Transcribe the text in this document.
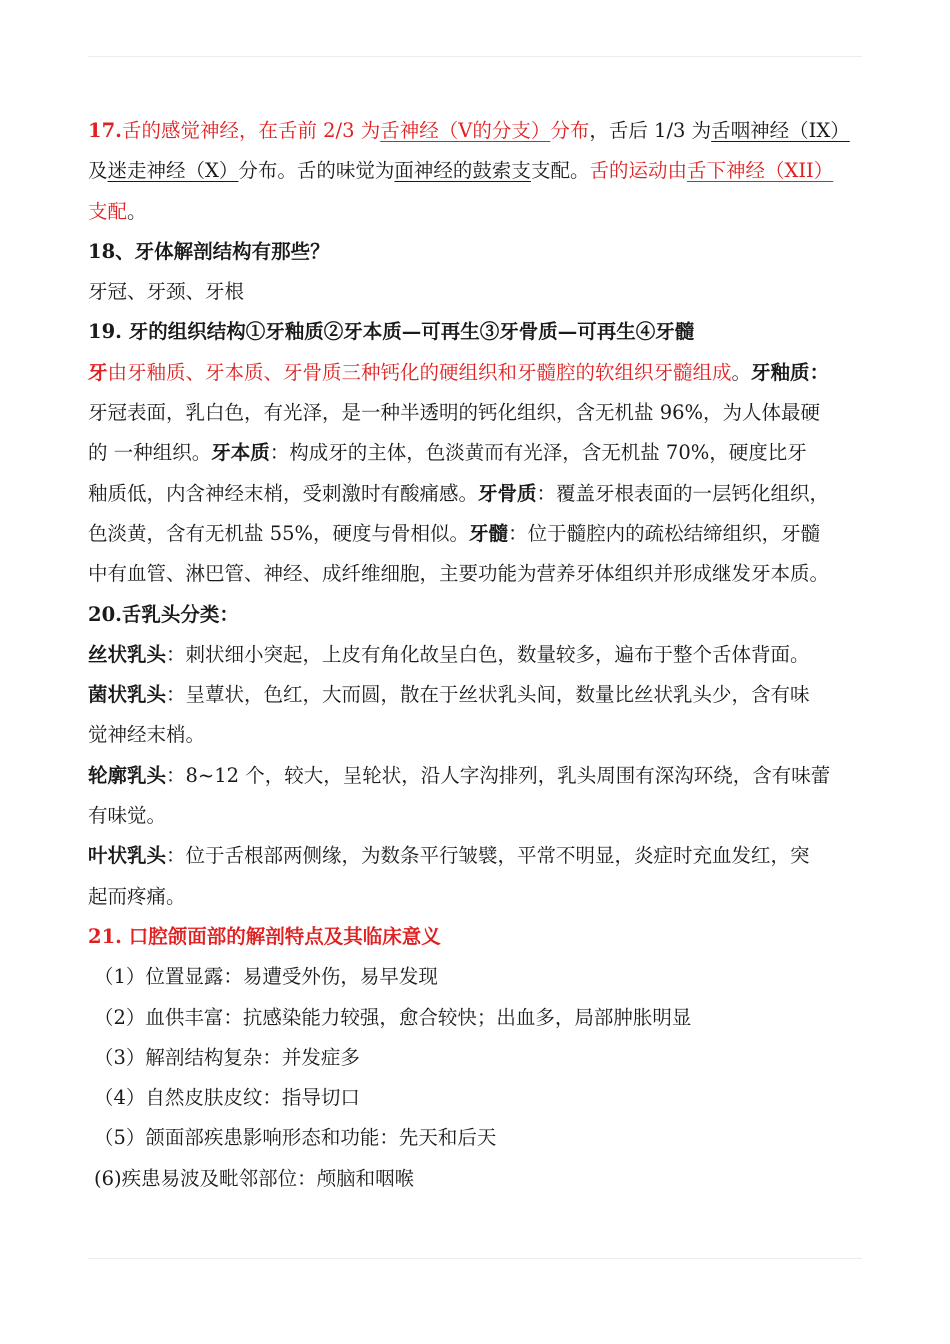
17.舌的感觉神经，在舌前 2/3 为舌神经（V的分支）分布，舌后 1/3 为舌咽神经（IX）
及迷走神经（X）分布。舌的味觉为面神经的鼓索支支配。舌的运动由舌下神经（XII）
支配。
18、牙体解剖结构有那些？
牙冠、牙颈、牙根
19. 牙的组织结构①牙釉质②牙本质—可再生③牙骨质—可再生④牙髓
牙由牙釉质、牙本质、牙骨质三种钙化的硬组织和牙髓腔的软组织牙髓组成。牙釉质：
牙冠表面，乳白色，有光泽，是一种半透明的钙化组织，含无机盐 96%，为人体最硬
的 一种组织。牙本质：构成牙的主体，色淡黄而有光泽，含无机盐 70%，硬度比牙
釉质低，内含神经末梢，受刺激时有酸痛感。牙骨质：覆盖牙根表面的一层钙化组织，
色淡黄，含有无机盐 55%，硬度与骨相似。牙髓：位于髓腔内的疏松结缔组织，牙髓
中有血管、淋巴管、神经、成纤维细胞，主要功能为营养牙体组织并形成继发牙本质。
20.舌乳头分类：
丝状乳头：刺状细小突起，上皮有角化故呈白色，数量较多，遍布于整个舌体背面。
菌状乳头：呈蕈状，色红，大而圆，散在于丝状乳头间，数量比丝状乳头少，含有味
觉神经末梢。
轮廓乳头：8~12 个，较大，呈轮状，沿人字沟排列，乳头周围有深沟环绕，含有味蕾
有味觉。
叶状乳头：位于舌根部两侧缘，为数条平行皱襞，平常不明显，炎症时充血发红，突
起而疼痛。
21. 口腔颌面部的解剖特点及其临床意义
（1）位置显露：易遭受外伤，易早发现
（2）血供丰富：抗感染能力较强，愈合较快；出血多，局部肿胀明显
（3）解剖结构复杂：并发症多
（4）自然皮肤皮纹：指导切口
（5）颌面部疾患影响形态和功能：先天和后天
(6)疾患易波及毗邻部位：颅脑和咽喉
